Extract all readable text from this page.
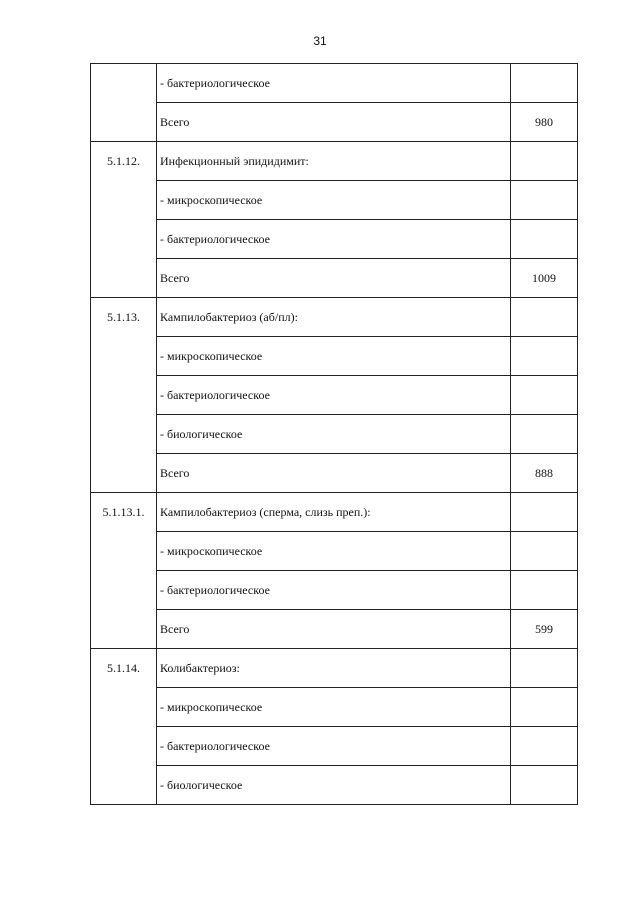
31
- бактериологическое
Всего	980
5.1.12.	Инфекционный эпидидимит:
- микроскопическое
- бактериологическое
Всего	1009
5.1.13.	Кампилобактериоз (аб/пл):
- микроскопическое
- бактериологическое
- биологическое
Всего	888
5.1.13.1.	Кампилобактериоз (сперма, слизь преп.):
- микроскопическое
- бактериологическое
Всего	599
5.1.14.	Колибактериоз:
- микроскопическое
- бактериологическое
- биологическое
